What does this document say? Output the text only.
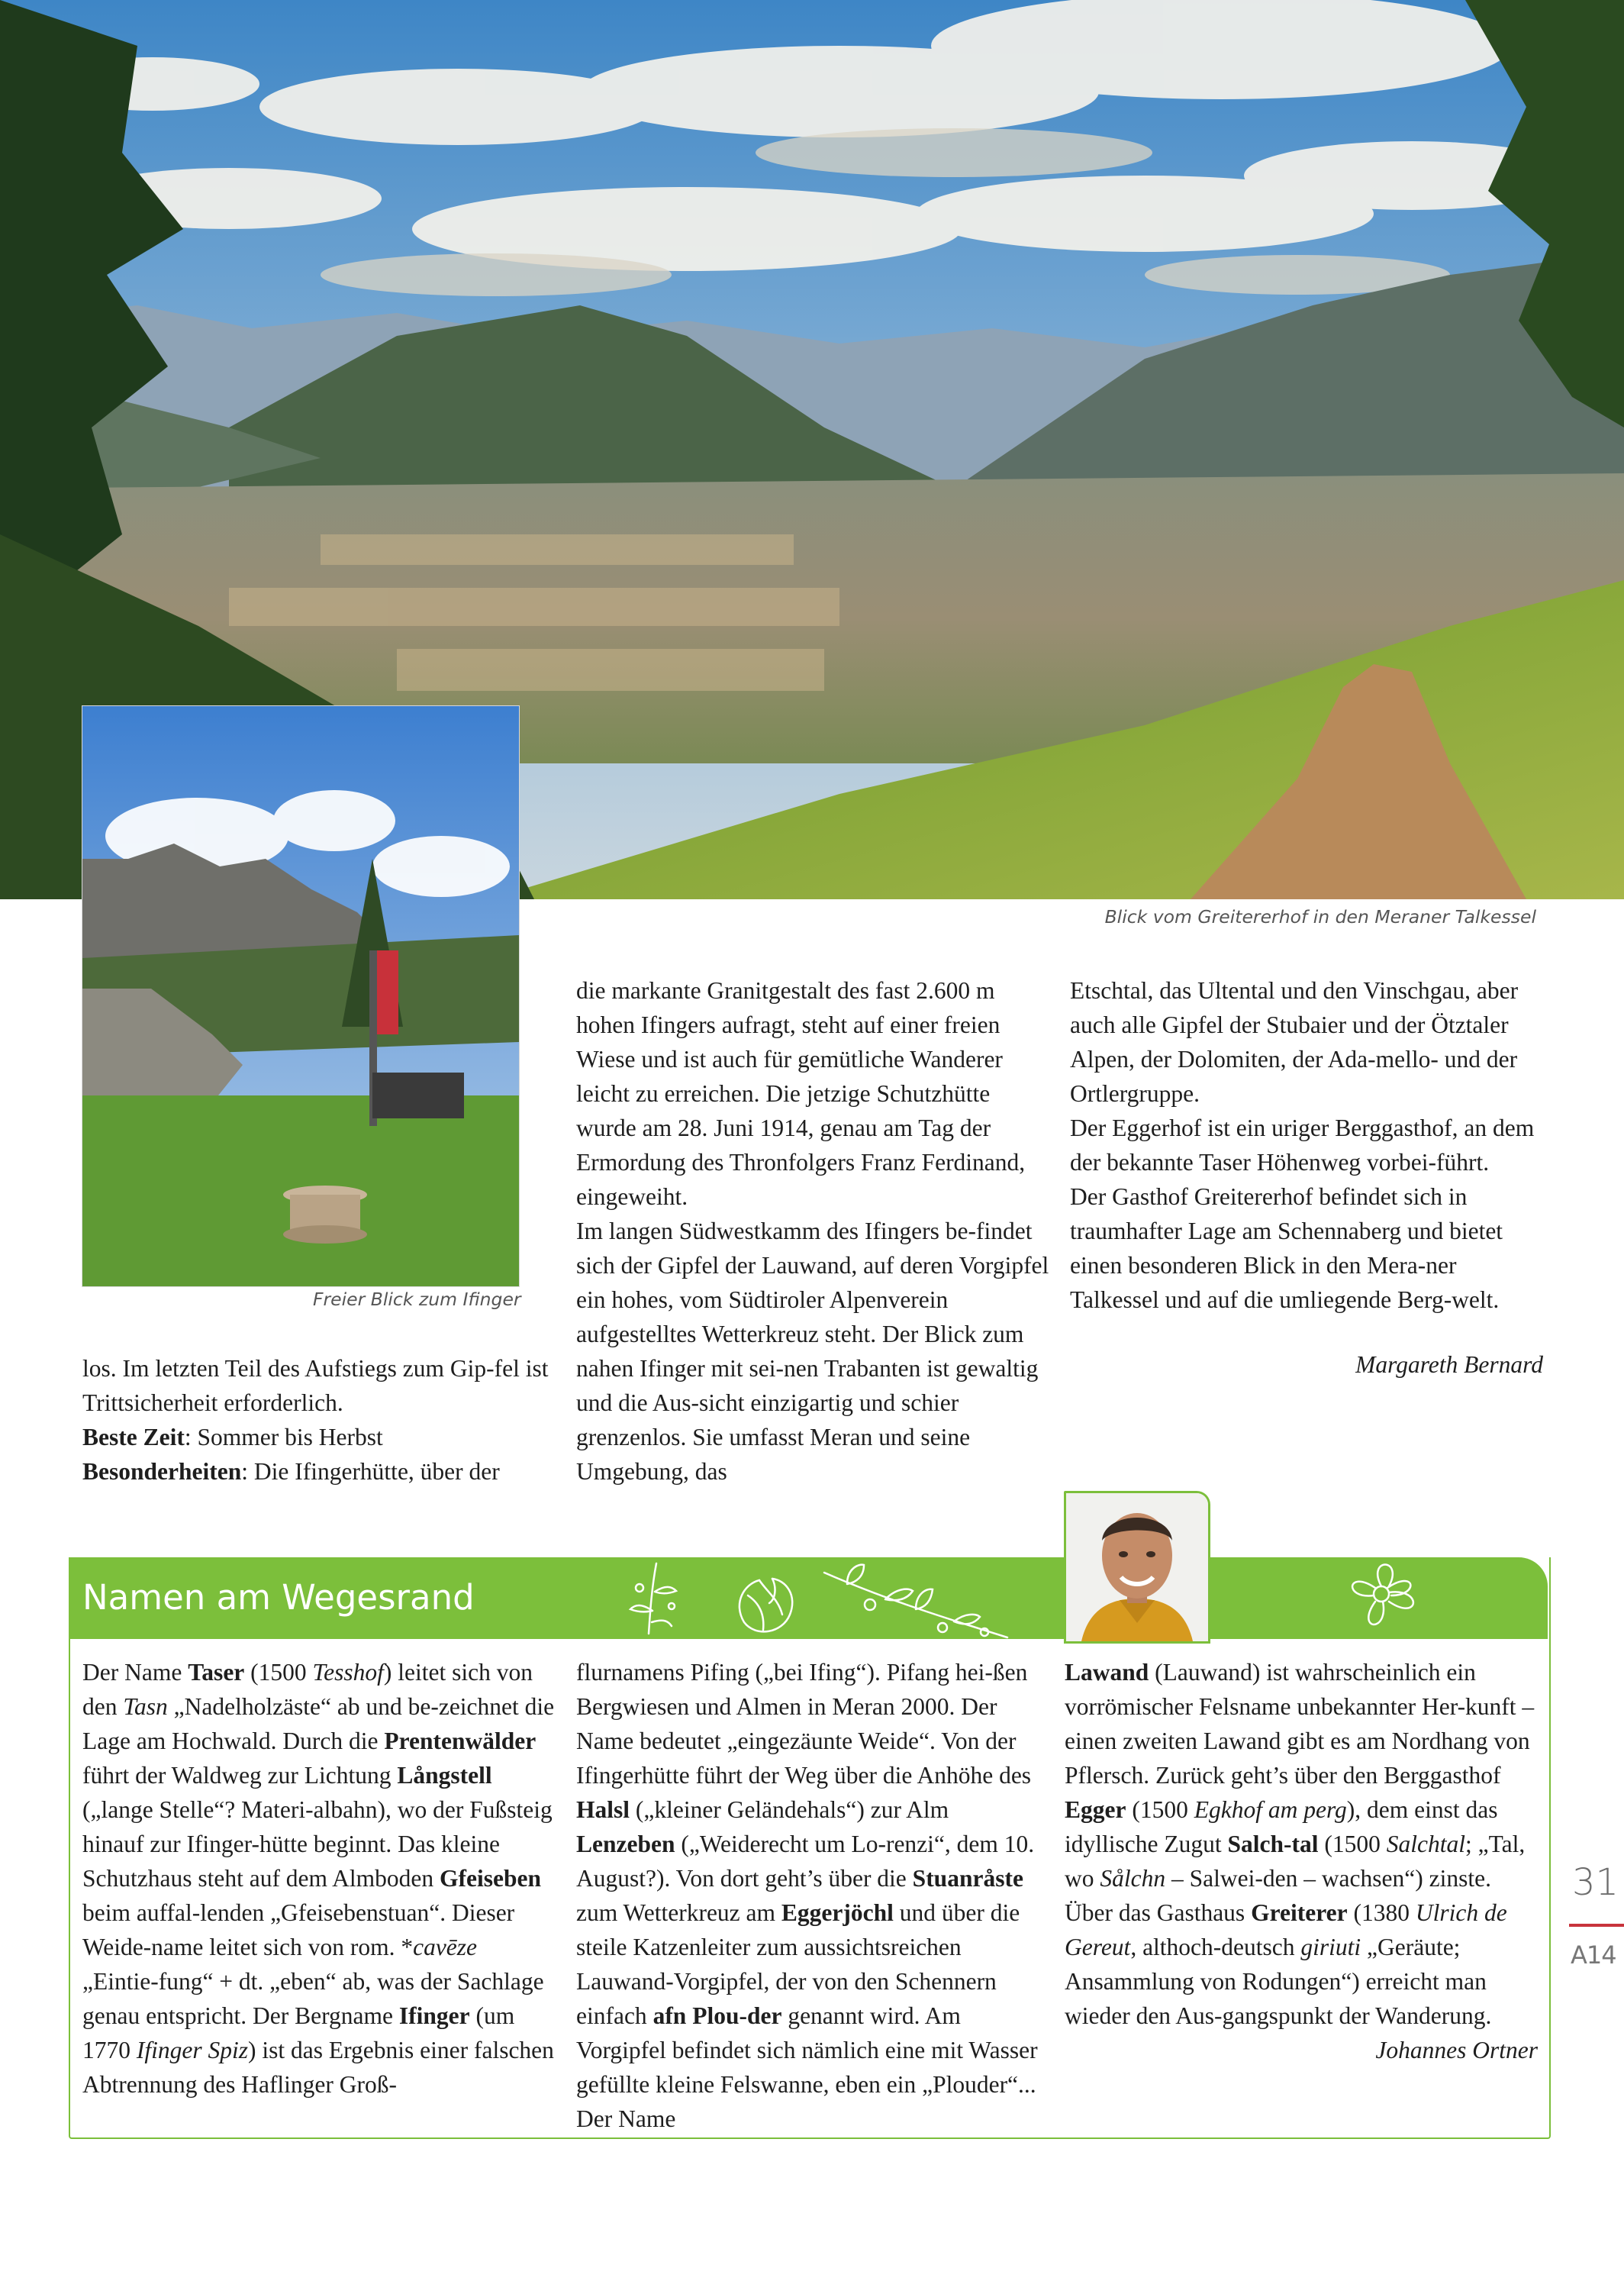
Blick vom Greitererhof in den Meraner Talkessel
Freier Blick zum Ifinger

los. Im letzten Teil des Aufstiegs zum Gip-fel ist Trittsicherheit erforderlich.

Beste Zeit: Sommer bis Herbst

Besonderheiten: Die Ifingerhütte, über der

die markante Granitgestalt des fast 2.600 m hohen Ifingers aufragt, steht auf einer freien Wiese und ist auch für gemütliche Wanderer leicht zu erreichen. Die jetzige Schutzhütte wurde am 28. Juni 1914, genau am Tag der Ermordung des Thronfolgers Franz Ferdinand, eingeweiht.

Im langen Südwestkamm des Ifingers be-findet sich der Gipfel der Lauwand, auf deren Vorgipfel ein hohes, vom Südtiroler Alpenverein aufgestelltes Wetterkreuz steht. Der Blick zum nahen Ifinger mit sei-nen Trabanten ist gewaltig und die Aus-sicht einzigartig und schier grenzenlos. Sie umfasst Meran und seine Umgebung, das

Etschtal, das Ultental und den Vinschgau, aber auch alle Gipfel der Stubaier und der Ötztaler Alpen, der Dolomiten, der Ada-mello- und der Ortlergruppe.

Der Eggerhof ist ein uriger Berggasthof, an dem der bekannte Taser Höhenweg vorbei-führt.

Der Gasthof Greitererhof befindet sich in traumhafter Lage am Schennaberg und bietet einen besonderen Blick in den Mera-ner Talkessel und auf die umliegende Berg-welt.

Margareth Bernard

Namen am Wegesrand

Der Name Taser (1500 Tesshof) leitet sich von den Tasn „Nadelholzäste“ ab und be-zeichnet die Lage am Hochwald. Durch die Prentenwälder führt der Waldweg zur Lichtung Långstell („lange Stelle“? Materi-albahn), wo der Fußsteig hinauf zur Ifinger-hütte beginnt. Das kleine Schutzhaus steht auf dem Almboden Gfeiseben beim auffal-lenden „Gfeisebenstuan“. Dieser Weide-name leitet sich von rom. *cavēze „Eintie-fung“ + dt. „eben“ ab, was der Sachlage genau entspricht. Der Bergname Ifinger (um 1770 Ifinger Spiz) ist das Ergebnis einer falschen Abtrennung des Haflinger Groß-

flurnamens Pifing („bei Ifing“). Pifang hei-ßen Bergwiesen und Almen in Meran 2000. Der Name bedeutet „eingezäunte Weide“. Von der Ifingerhütte führt der Weg über die Anhöhe des Halsl („kleiner Geländehals“) zur Alm Lenzeben („Weiderecht um Lo-renzi“, dem 10. August?). Von dort geht’s über die Stuanråste zum Wetterkreuz am Eggerjöchl und über die steile Katzenleiter zum aussichtsreichen Lauwand-Vorgipfel, der von den Schennern einfach afn Plou-der genannt wird. Am Vorgipfel befindet sich nämlich eine mit Wasser gefüllte kleine Felswanne, eben ein „Plouder“... Der Name

Lawand (Lauwand) ist wahrscheinlich ein vorrömischer Felsname unbekannter Her-kunft – einen zweiten Lawand gibt es am Nordhang von Pflersch. Zurück geht’s über den Berggasthof Egger (1500 Egkhof am perg), dem einst das idyllische Zugut Salch-tal (1500 Salchtal; „Tal, wo Sålchn – Salwei-den – wachsen“) zinste. Über das Gasthaus Greiterer (1380 Ulrich de Gereut, althoch-deutsch giriuti „Geräute; Ansammlung von Rodungen“) erreicht man wieder den Aus-gangspunkt der Wanderung.

Johannes Ortner

31
A14
